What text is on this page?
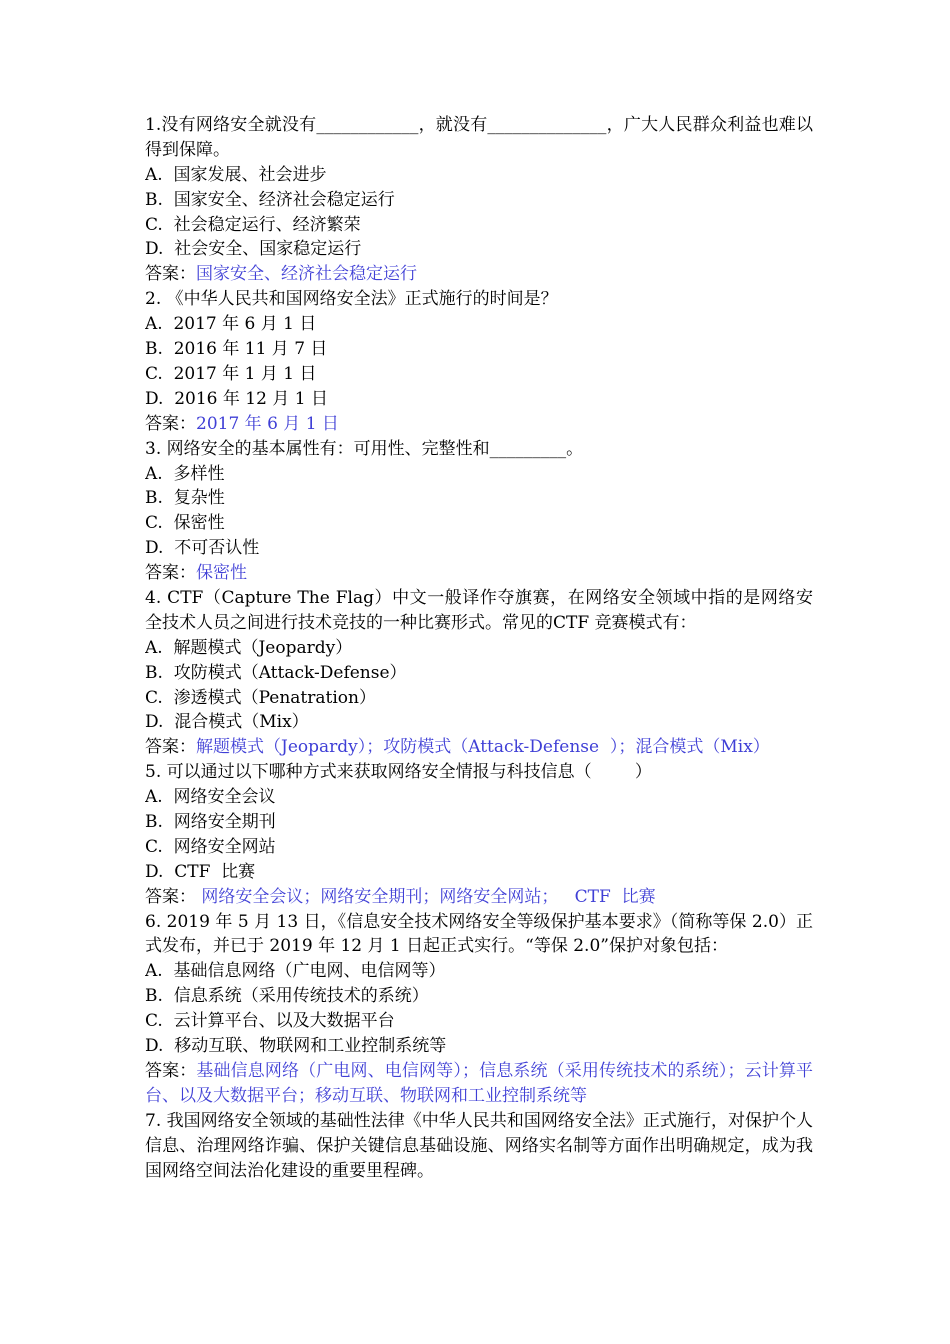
1.没有网络安全就没有____________，就没有______________，广大人民群众利益也难以得到保障。

A.  国家发展、社会进步

B.  国家安全、经济社会稳定运行

C.  社会稳定运行、经济繁荣

D.  社会安全、国家稳定运行

答案：国家安全、经济社会稳定运行

2. 《中华人民共和国网络安全法》正式施行的时间是？

A.  2017 年 6 月 1 日

B.  2016 年 11 月 7 日

C.  2017 年 1 月 1 日

D.  2016 年 12 月 1 日

答案：2017 年 6 月 1 日

3. 网络安全的基本属性有：可用性、完整性和_________。

A.  多样性

B.  复杂性

C.  保密性

D.  不可否认性

答案：保密性

4. CTF（Capture The Flag）中文一般译作夺旗赛，在网络安全领域中指的是网络安全技术人员之间进行技术竞技的一种比赛形式。常见的CTF 竞赛模式有：

A.  解题模式（Jeopardy）

B.  攻防模式（Attack-Defense）

C.  渗透模式（Penatration）

D.  混合模式（Mix）

答案：解题模式（Jeopardy）；攻防模式（Attack-Defense  ）；混合模式（Mix）

5. 可以通过以下哪种方式来获取网络安全情报与科技信息（        ）

A.  网络安全会议

B.  网络安全期刊

C.  网络安全网站

D.  CTF  比赛

答案： 网络安全会议；网络安全期刊；网络安全网站；   CTF  比赛

6. 2019 年 5 月 13 日，《信息安全技术网络安全等级保护基本要求》（简称等保 2.0）正式发布，并已于 2019 年 12 月 1 日起正式实行。“等保 2.0”保护对象包括：

A.  基础信息网络（广电网、电信网等）

B.  信息系统（采用传统技术的系统）

C.  云计算平台、以及大数据平台

D.  移动互联、物联网和工业控制系统等

答案：基础信息网络（广电网、电信网等）；信息系统（采用传统技术的系统）；云计算平台、以及大数据平台；移动互联、物联网和工业控制系统等

7. 我国网络安全领域的基础性法律《中华人民共和国网络安全法》正式施行，对保护个人信息、治理网络诈骗、保护关键信息基础设施、网络实名制等方面作出明确规定，成为我国网络空间法治化建设的重要里程碑。
